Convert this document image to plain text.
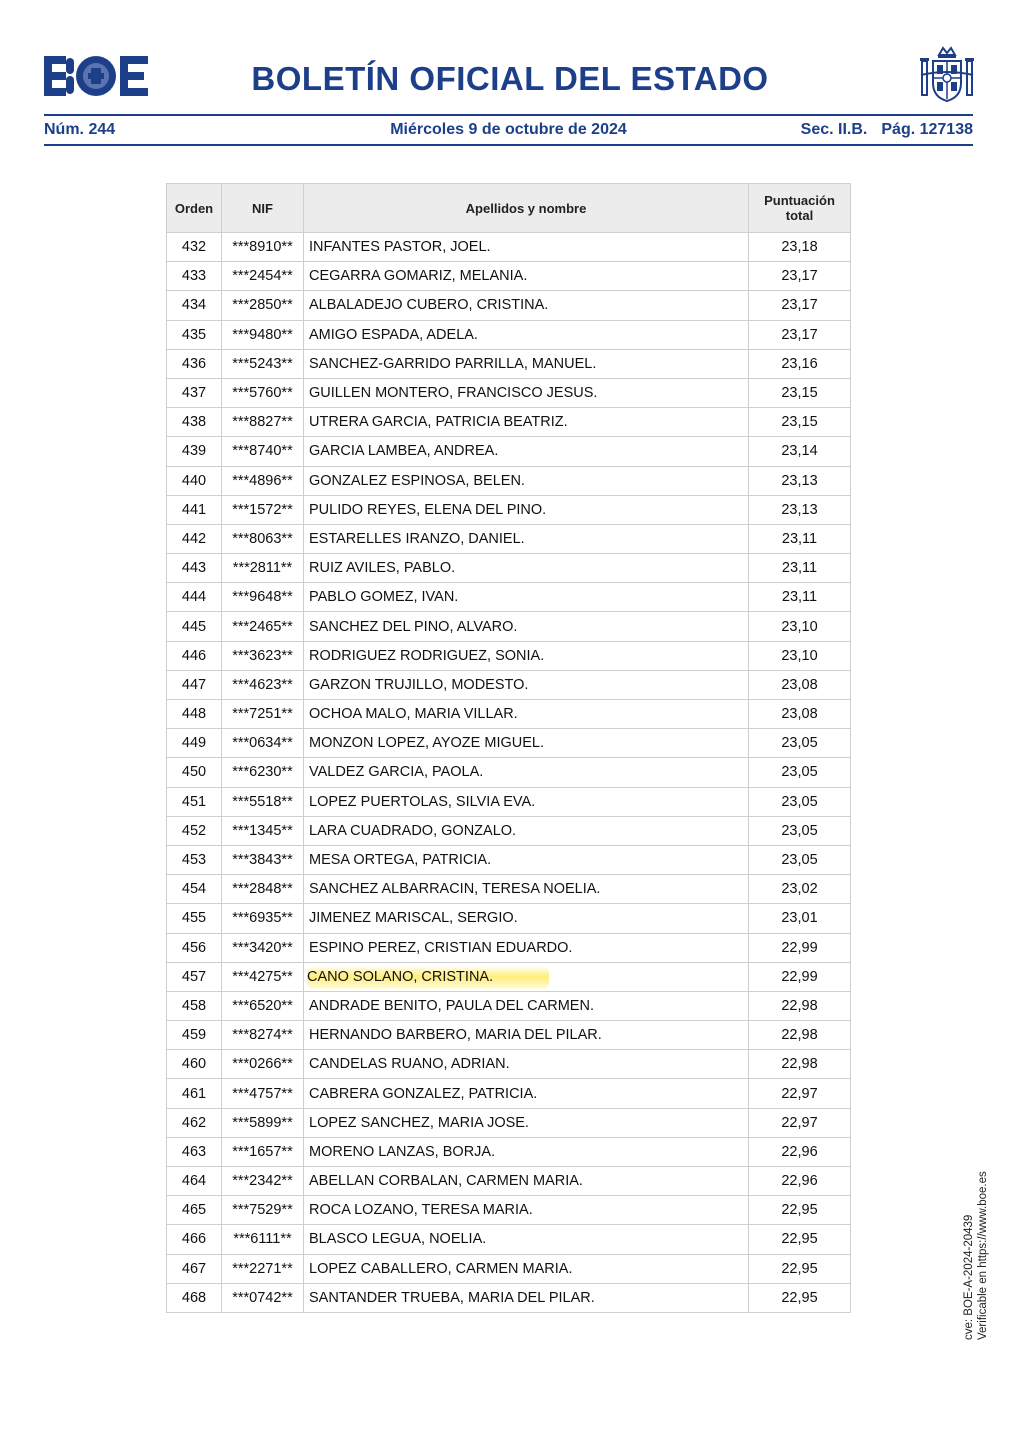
BOLETÍN OFICIAL DEL ESTADO
Núm. 244	Miércoles 9 de octubre de 2024	Sec. II.B. Pág. 127138
Orden	NIF	Apellidos y nombre	Puntuación total
432	***8910**	INFANTES PASTOR, JOEL.	23,18
433	***2454**	CEGARRA GOMARIZ, MELANIA.	23,17
434	***2850**	ALBALADEJO CUBERO, CRISTINA.	23,17
435	***9480**	AMIGO ESPADA, ADELA.	23,17
436	***5243**	SANCHEZ-GARRIDO PARRILLA, MANUEL.	23,16
437	***5760**	GUILLEN MONTERO, FRANCISCO JESUS.	23,15
438	***8827**	UTRERA GARCIA, PATRICIA BEATRIZ.	23,15
439	***8740**	GARCIA LAMBEA, ANDREA.	23,14
440	***4896**	GONZALEZ ESPINOSA, BELEN.	23,13
441	***1572**	PULIDO REYES, ELENA DEL PINO.	23,13
442	***8063**	ESTARELLES IRANZO, DANIEL.	23,11
443	***2811**	RUIZ AVILES, PABLO.	23,11
444	***9648**	PABLO GOMEZ, IVAN.	23,11
445	***2465**	SANCHEZ DEL PINO, ALVARO.	23,10
446	***3623**	RODRIGUEZ RODRIGUEZ, SONIA.	23,10
447	***4623**	GARZON TRUJILLO, MODESTO.	23,08
448	***7251**	OCHOA MALO, MARIA VILLAR.	23,08
449	***0634**	MONZON LOPEZ, AYOZE MIGUEL.	23,05
450	***6230**	VALDEZ GARCIA, PAOLA.	23,05
451	***5518**	LOPEZ PUERTOLAS, SILVIA EVA.	23,05
452	***1345**	LARA CUADRADO, GONZALO.	23,05
453	***3843**	MESA ORTEGA, PATRICIA.	23,05
454	***2848**	SANCHEZ ALBARRACIN, TERESA NOELIA.	23,02
455	***6935**	JIMENEZ MARISCAL, SERGIO.	23,01
456	***3420**	ESPINO PEREZ, CRISTIAN EDUARDO.	22,99
457	***4275**	CANO SOLANO, CRISTINA.	22,99
458	***6520**	ANDRADE BENITO, PAULA DEL CARMEN.	22,98
459	***8274**	HERNANDO BARBERO, MARIA DEL PILAR.	22,98
460	***0266**	CANDELAS RUANO, ADRIAN.	22,98
461	***4757**	CABRERA GONZALEZ, PATRICIA.	22,97
462	***5899**	LOPEZ SANCHEZ, MARIA JOSE.	22,97
463	***1657**	MORENO LANZAS, BORJA.	22,96
464	***2342**	ABELLAN CORBALAN, CARMEN MARIA.	22,96
465	***7529**	ROCA LOZANO, TERESA MARIA.	22,95
466	***6111**	BLASCO LEGUA, NOELIA.	22,95
467	***2271**	LOPEZ CABALLERO, CARMEN MARIA.	22,95
468	***0742**	SANTANDER TRUEBA, MARIA DEL PILAR.	22,95	cve: BOE-A-2024-20439 Verificable en https://www.boe.es
